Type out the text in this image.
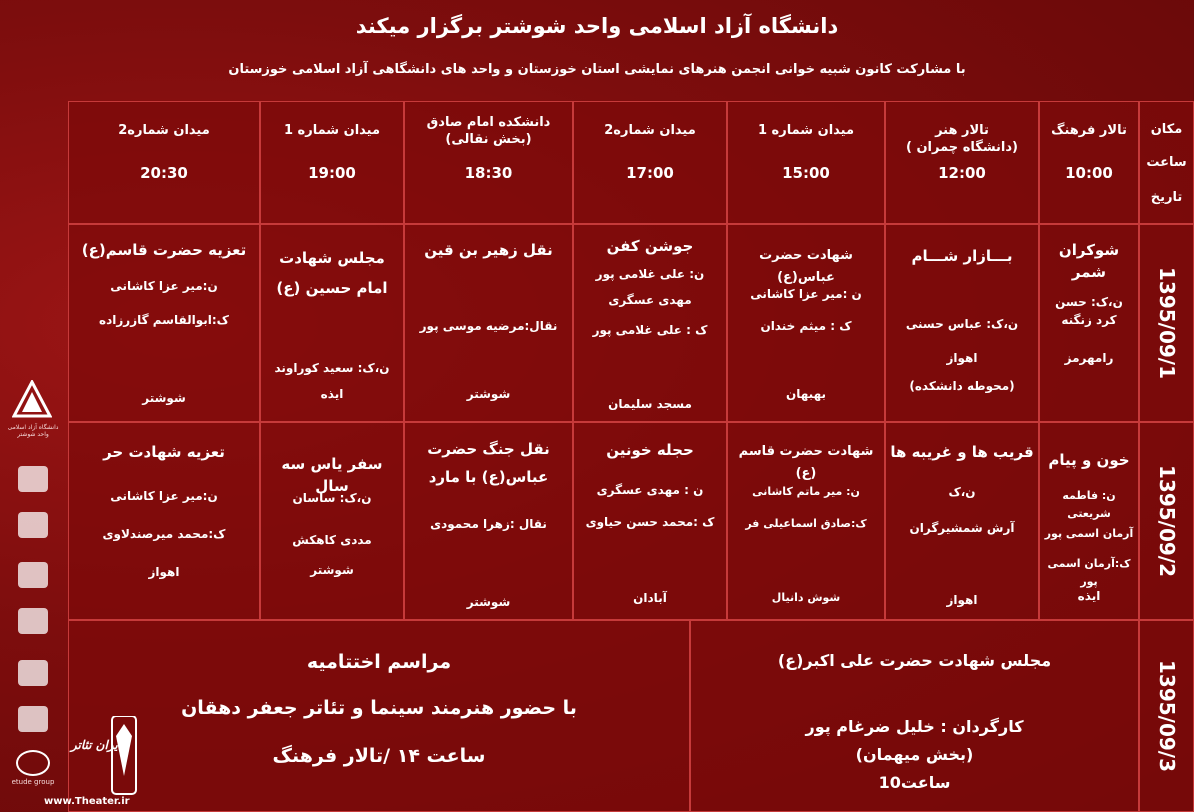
دانشگاه آزاد اسلامی واحد شوشتر برگزار میکند
با مشارکت کانون شبیه خوانی انجمن هنرهای نمایشی استان خوزستان و واحد های دانشگاهی آزاد اسلامی خوزستان
مکان
ساعت
تاریخ
تالار فرهنگ
10:00
تالار هنر
(دانشگاه چمران )
12:00
میدان شماره 1
15:00
میدان شماره2
17:00
دانشکده امام صادق
(بخش نقالی)
18:30
میدان شماره 1
19:00
میدان شماره2
20:30
1395/09/1
1395/09/2
1395/09/3
شوکران شمر
ن،ک: حسن
کرد زنگنه
رامهرمز
بـــازار شـــام
ن،ک: عباس حسنی
اهواز
(محوطه دانشکده)
شهادت حضرت عباس(ع)
ن :میر عزا کاشانی
ک : میثم خندان
بهبهان
جوشن کفن
ن: علی غلامی پور
مهدی عسگری
ک : علی غلامی پور
مسجد سلیمان
نقل زهیر بن قین
نقال:مرضیه موسی پور
شوشتر
مجلس شهادت
امام حسین (ع)
ن،ک: سعید کوراوند
ایذه
تعزیه حضرت قاسم(ع)
ن:میر عزا کاشانی
ک:ابوالقاسم گازرزاده
شوشتر
خون و پیام
ن: فاطمه شریعتی
آرمان اسمی پور
ک:آرمان اسمی پور
ایذه
قریب ها و غریبه ها
ن،ک
آرش شمشیرگران
اهواز
شهادت حضرت قاسم (ع)
ن: میر ماتم کاشانی
ک:صادق اسماعیلی فر
شوش دانیال
حجله خونین
ن : مهدی عسگری
ک :محمد حسن حیاوی
آبادان
نقل جنگ حضرت
عباس(ع) با مارد
نقال :زهرا محمودی
شوشتر
سفر یاس سه سال
ن،ک: ساسان
مددی کاهکش
شوشتر
تعزیه شهادت حر
ن:میر عزا کاشانی
ک:محمد میرصندلاوی
اهواز
مجلس شهادت حضرت علی اکبر(ع)
کارگردان : خلیل ضرغام پور
(بخش میهمان)
ساعت10
مراسم اختتامیه
با حضور هنرمند سینما و تئاتر جعفر دهقان
ساعت ۱۴ /تالار فرهنگ
دانشگاه آزاد اسلامی واحد شوشتر
etude group
ایران تئاتر
www.Theater.ir
